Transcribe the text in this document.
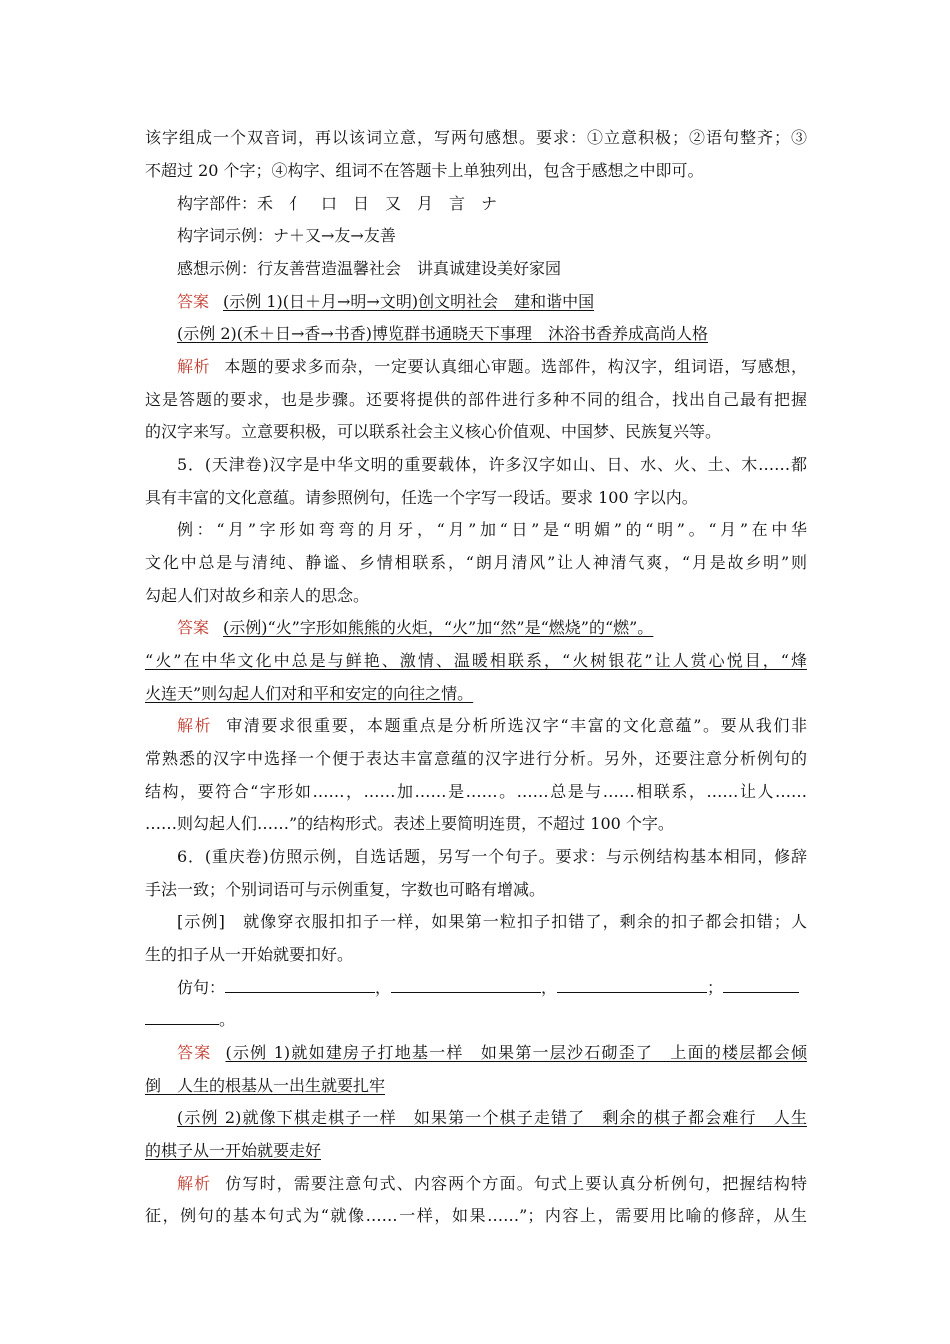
该字组成一个双音词，再以该词立意，写两句感想。要求：①立意积极；②语句整齐；③
不超过 20 个字；④构字、组词不在答题卡上单独列出，包含于感想之中即可。
构字部件：禾　亻　口　日　又　月　言　ナ
构字词示例：ナ＋又→友→友善
感想示例：行友善营造温馨社会　讲真诚建设美好家园
答案 (示例 1)(日＋月→明→文明)创文明社会　建和谐中国
(示例 2)(禾＋日→香→书香)博览群书通晓天下事理　沐浴书香养成高尚人格
解析 本题的要求多而杂，一定要认真细心审题。选部件，构汉字，组词语，写感想，
这是答题的要求，也是步骤。还要将提供的部件进行多种不同的组合，找出自己最有把握
的汉字来写。立意要积极，可以联系社会主义核心价值观、中国梦、民族复兴等。
5．(天津卷)汉字是中华文明的重要载体，许多汉字如山、日、水、火、土、木……都
具有丰富的文化意蕴。请参照例句，任选一个字写一段话。要求 100 字以内。
例：“月”字形如弯弯的月牙，“月”加“日”是“明媚”的“明”。“月”在中华
文化中总是与清纯、静谧、乡情相联系，“朗月清风”让人神清气爽，“月是故乡明”则
勾起人们对故乡和亲人的思念。
答案 (示例)“火”字形如熊熊的火炬，“火”加“然”是“燃烧”的“燃”。
“火”在中华文化中总是与鲜艳、激情、温暖相联系，“火树银花”让人赏心悦目，“烽
火连天”则勾起人们对和平和安定的向往之情。
解析 审清要求很重要，本题重点是分析所选汉字“丰富的文化意蕴”。要从我们非
常熟悉的汉字中选择一个便于表达丰富意蕴的汉字进行分析。另外，还要注意分析例句的
结构，要符合“字形如……，……加……是……。……总是与……相联系，……让人……
……则勾起人们……”的结构形式。表述上要简明连贯，不超过 100 个字。
6．(重庆卷)仿照示例，自选话题，另写一个句子。要求：与示例结构基本相同，修辞
手法一致；个别词语可与示例重复，字数也可略有增减。
[示例]　就像穿衣服扣扣子一样，如果第一粒扣子扣错了，剩余的扣子都会扣错；人
生的扣子从一开始就要扣好。
仿句：	，	，	；
。
答案 (示例 1)就如建房子打地基一样　如果第一层沙石砌歪了　上面的楼层都会倾
倒　人生的根基从一出生就要扎牢
(示例 2)就像下棋走棋子一样　如果第一个棋子走错了　剩余的棋子都会难行　人生
的棋子从一开始就要走好
解析 仿写时，需要注意句式、内容两个方面。句式上要认真分析例句，把握结构特
征，例句的基本句式为“就像……一样，如果……”；内容上，需要用比喻的修辞，从生
